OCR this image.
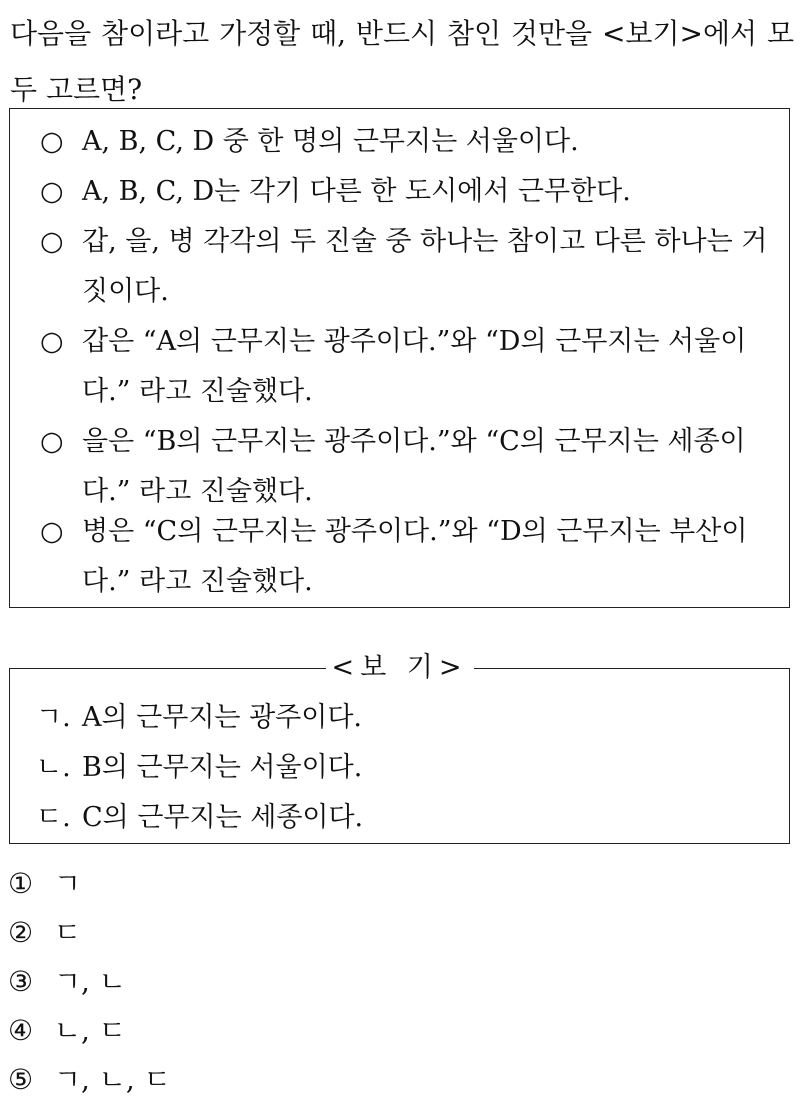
다음을 참이라고 가정할 때, 반드시 참인 것만을 <보기>에서 모두 고르면?
○ A, B, C, D 중 한 명의 근무지는 서울이다.
○ A, B, C, D는 각기 다른 한 도시에서 근무한다.
○ 갑, 을, 병 각각의 두 진술 중 하나는 참이고 다른 하나는 거짓이다.
○ 갑은 “A의 근무지는 광주이다.”와 “D의 근무지는 서울이다.” 라고 진술했다.
○ 을은 “B의 근무지는 광주이다.”와 “C의 근무지는 세종이다.” 라고 진술했다.
○ 병은 “C의 근무지는 광주이다.”와 “D의 근무지는 부산이다.” 라고 진술했다.
ㄱ. A의 근무지는 광주이다.
ㄴ. B의 근무지는 서울이다.
ㄷ. C의 근무지는 세종이다.
<보 기>
① ㄱ
② ㄷ
③ ㄱ, ㄴ
④ ㄴ, ㄷ
⑤ ㄱ, ㄴ, ㄷ
